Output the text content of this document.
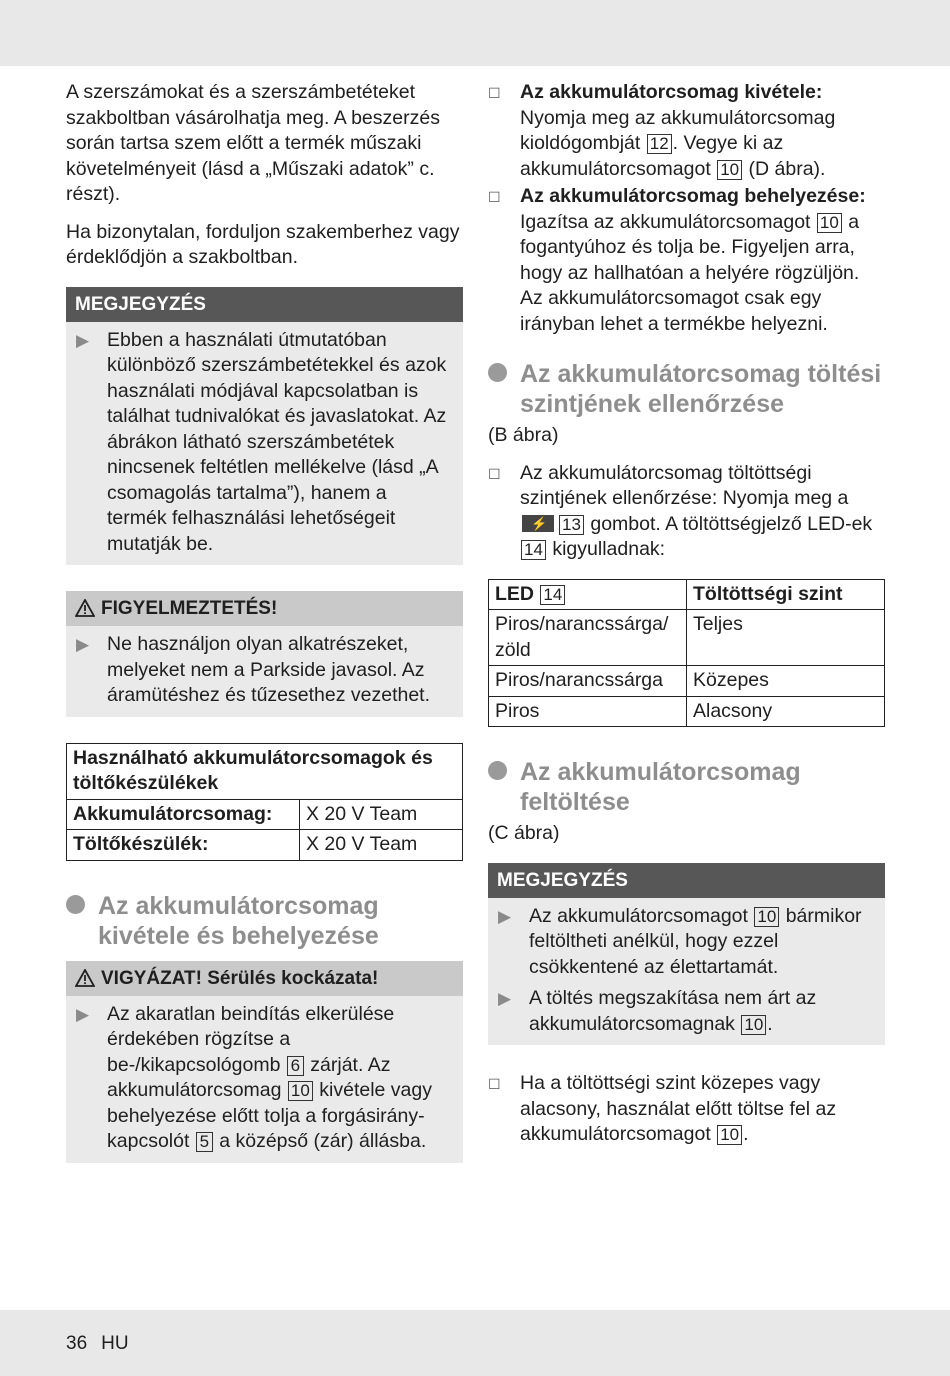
A szerszámokat és a szerszámbetéteket szakboltban vásárolhatja meg. A beszerzés során tartsa szem előtt a termék műszaki követelményeit (lásd a „Műszaki adatok” c. részt).

Ha bizonytalan, forduljon szakemberhez vagy érdeklődjön a szakboltban.

MEGJEGYZÉS
▶ Ebben a használati útmutatóban különböző szerszámbetétekkel és azok használati módjával kapcsolatban is találhat tudnivalókat és javaslatokat. Az ábrákon látható szerszámbetétek nincsenek feltétlen mellékelve (lásd „A csomagolás tartalma”), hanem a termék felhasználási lehetőségeit mutatják be.
FIGYELMEZTETÉS!
▶ Ne használjon olyan alkatrészeket, melyeket nem a Parkside javasol. Az áramütéshez és tűzesethez vezethet.
Használható akkumulátorcsomagok és töltőkészülékek	
Akkumulátorcsomag:	X 20 V Team
Töltőkészülék:	X 20 V Team
Az akkumulátorcsomag kivétele és behelyezése
VIGYÁZAT! Sérülés kockázata!
▶ Az akaratlan beindítás elkerülése érdekében rögzítse a be-/kikapcsológomb 6 zárját. Az akkumulátorcsomag 10 kivétele vagy behelyezése előtt tolja a forgásirány-kapcsolót 5 a középső (zár) állásba.
☐ Az akkumulátorcsomag kivétele: Nyomja meg az akkumulátorcsomag kioldógombját 12 . Vegye ki az akkumulátorcsomagot 10 (D ábra).
☐ Az akkumulátorcsomag behelyezése: Igazítsa az akkumulátorcsomagot 10 a fogantyúhoz és tolja be. Figyeljen arra, hogy az hallhatóan a helyére rögzüljön. Az akkumulátorcsomagot csak egy irányban lehet a termékbe helyezni.
Az akkumulátorcsomag töltési szintjének ellenőrzése

(B ábra)

☐ Az akkumulátorcsomag töltöttségi szintjének ellenőrzése: Nyomja meg a ⚡13 gombot. A töltöttségjelző LED-ek 14 kigyulladnak:
LED 14	Töltöttségi szint
Piros/narancssárga/ zöld	Teljes
Piros/narancssárga	Közepes
Piros	Alacsony
Az akkumulátorcsomag feltöltése

(C ábra)

MEGJEGYZÉS
▶ Az akkumulátorcsomagot 10 bármikor feltöltheti anélkül, hogy ezzel csökkentené az élettartamát.
▶ A töltés megszakítása nem árt az akkumulátorcsomagnak 10 .
☐ Ha a töltöttségi szint közepes vagy alacsony, használat előtt töltse fel az akkumulátorcsomagot 10 .
36 HU
